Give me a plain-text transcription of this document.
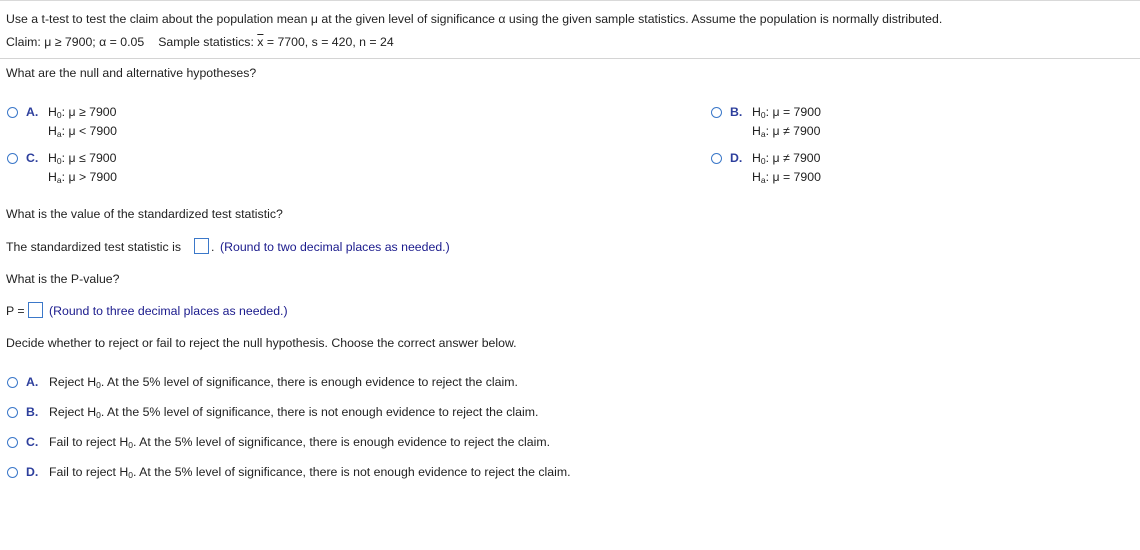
Use a t-test to test the claim about the population mean μ at the given level of significance α using the given sample statistics. Assume the population is normally distributed.
Claim: μ ≥ 7900; α = 0.05 Sample statistics: $\overline{x} = 7700$, s = 420, n = 24
What are the null and alternative hypotheses?
A. $H_0$: μ ≥ 7900
$H_a$: μ < 7900
B. $H_0$: μ = 7900
$H_a$: μ ≠ 7900
C. $H_0$: μ ≤ 7900
$H_a$: μ > 7900
D. $H_0$: μ ≠ 7900
$H_a$: μ = 7900
What is the value of the standardized test statistic?
The standardized test statistic is . (Round to two decimal places as needed.)
What is the P-value?
P = (Round to three decimal places as needed.)
Decide whether to reject or fail to reject the null hypothesis. Choose the correct answer below.
A. Reject $H_0$. At the 5% level of significance, there is enough evidence to reject the claim.
B. Reject $H_0$. At the 5% level of significance, there is not enough evidence to reject the claim.
C. Fail to reject $H_0$. At the 5% level of significance, there is enough evidence to reject the claim.
D. Fail to reject $H_0$. At the 5% level of significance, there is not enough evidence to reject the claim.
